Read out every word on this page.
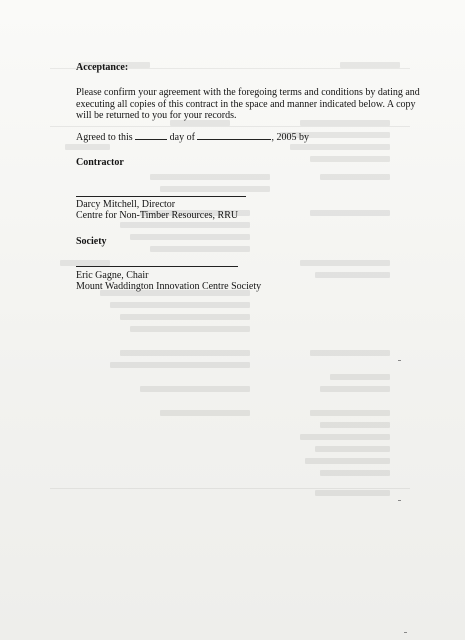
Acceptance:
Please confirm your agreement with the foregoing terms and conditions by dating and
executing all copies of this contract in the space and manner indicated below. A copy
will be returned to you for your records.
Agreed to this	day of	, 2005 by
Contractor
Darcy Mitchell, Director
Centre for Non-Timber Resources, RRU
Society
Eric Gagne, Chair
Mount Waddington Innovation Centre Society
